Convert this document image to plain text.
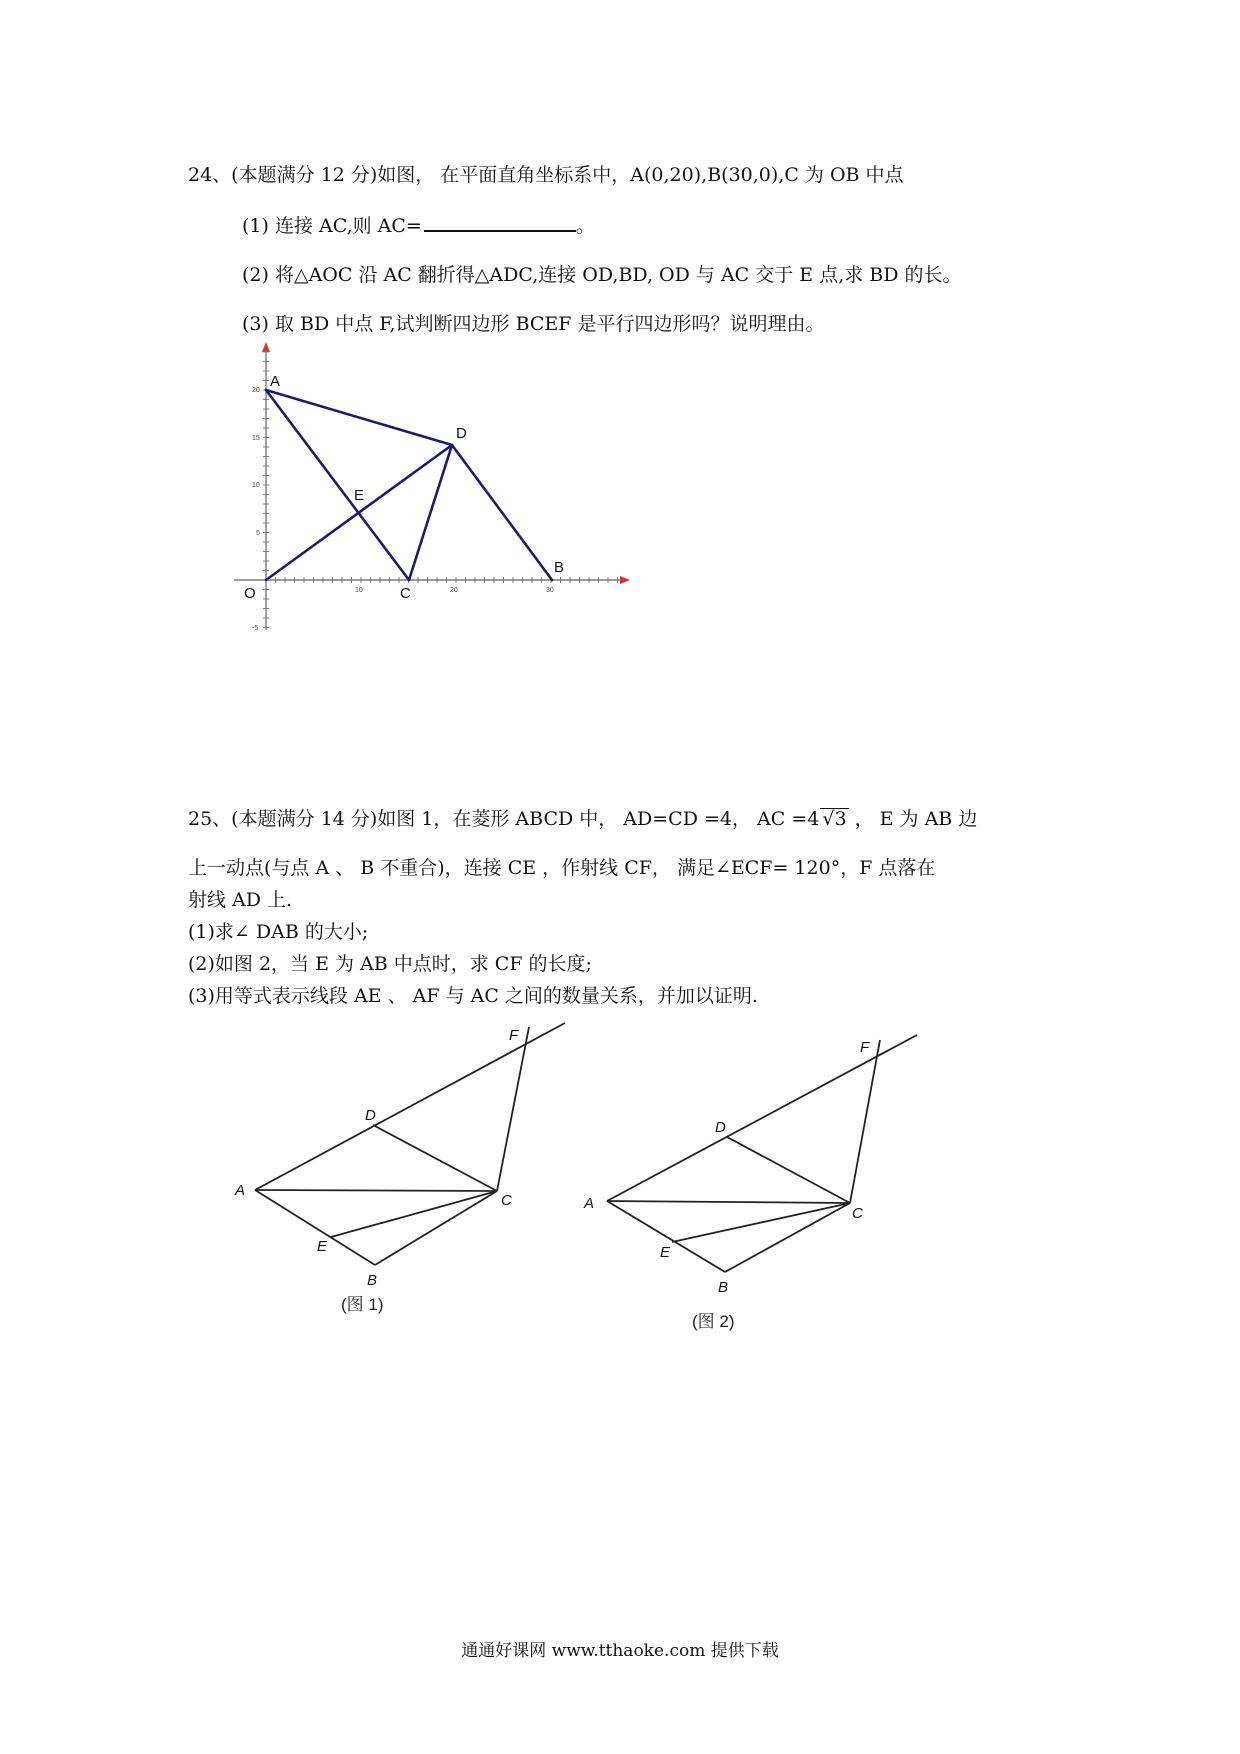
24、(本题满分 12 分)如图， 在平面直角坐标系中，A(0,20),B(30,0),C 为 OB 中点
(1) 连接 AC,则 AC=	。
(2) 将△AOC 沿 AC 翻折得△ADC,连接 OD,BD, OD 与 AC 交于 E 点,求 BD 的长。
(3) 取 BD 中点 F,试判断四边形 BCEF 是平行四边形吗？说明理由。
20
15
10
5
-5
10	20	30
A
D
E
O	C
B
25、(本题满分 14 分)如图 1，在菱形 ABCD 中， AD=CD =4， AC =4 √3 ， E 为 AB 边
上一动点(与点 A 、 B 不重合)，连接 CE ，作射线 CF， 满足∠ECF= 120°，F 点落在
射线 AD 上.
(1)求∠ DAB 的大小;
(2)如图 2，当 E 为 AB 中点时，求 CF 的长度;
(3)用等式表示线段 AE 、 AF 与 AC 之间的数量关系，并加以证明.
A
D
C
E
B
F
(图 1)
A
D
C
E
B
F
(图 2)
通通好课网 www.tthaoke.com 提供下载
